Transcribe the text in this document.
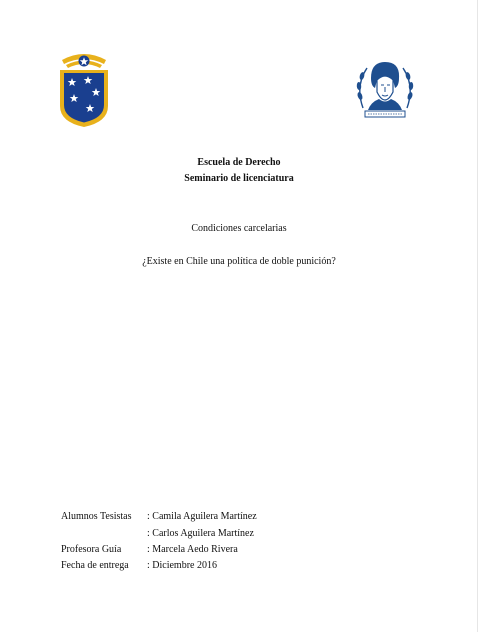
Escuela de Derecho
Seminario de licenciatura
Condiciones carcelarias
¿Existe en Chile una política de doble punición?
Alumnos Tesistas : Camila Aguilera Martínez
: Carlos Aguilera Martínez
Profesora Guía	: Marcela Aedo Rivera
Fecha de entrega : Diciembre 2016
